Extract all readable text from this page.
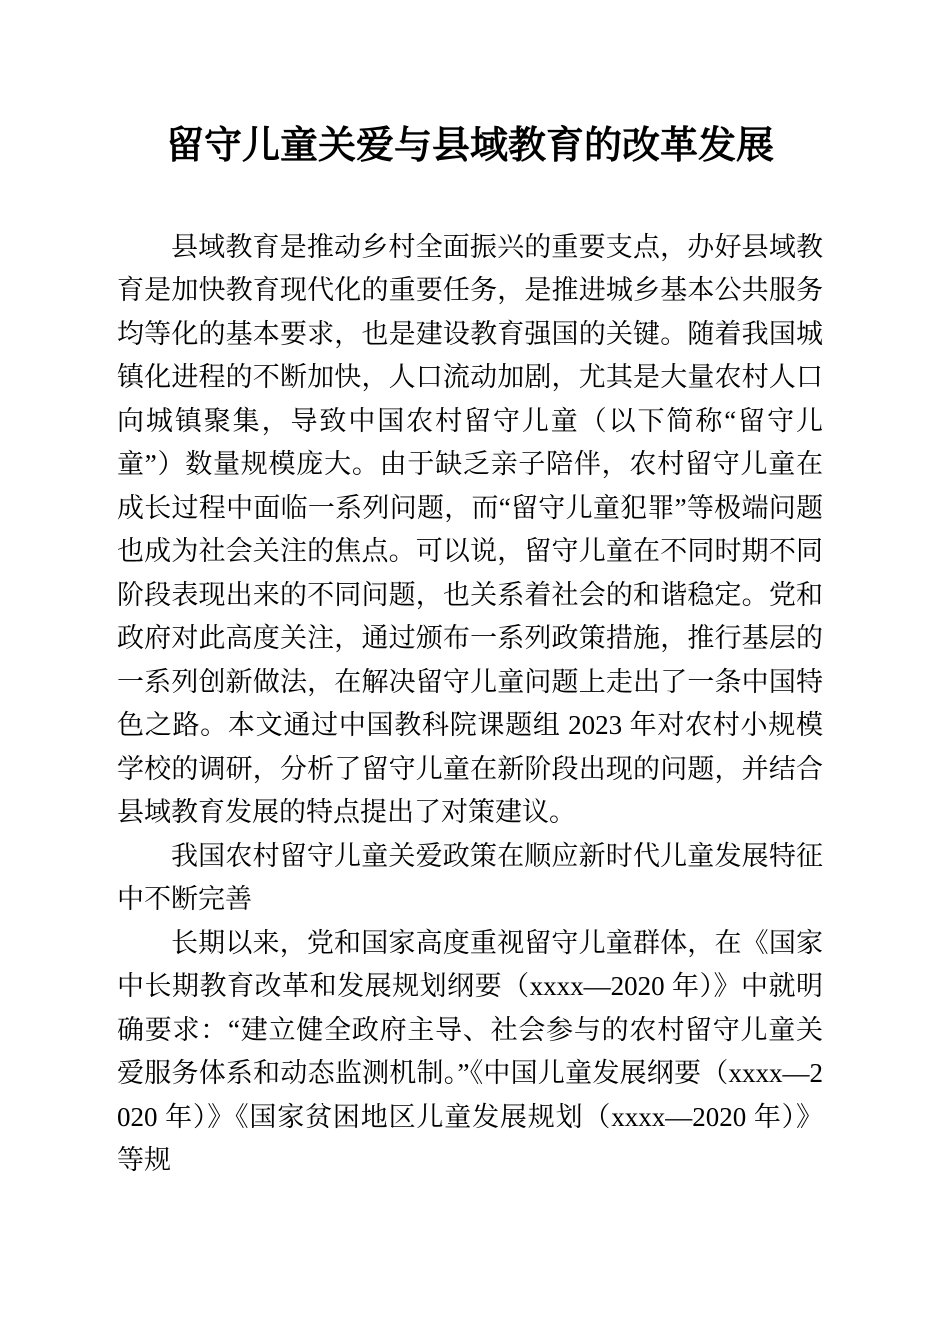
留守儿童关爱与县域教育的改革发展

县域教育是推动乡村全面振兴的重要支点，办好县域教育是加快教育现代化的重要任务，是推进城乡基本公共服务均等化的基本要求，也是建设教育强国的关键。随着我国城镇化进程的不断加快，人口流动加剧，尤其是大量农村人口向城镇聚集，导致中国农村留守儿童（以下简称“留守儿童”）数量规模庞大。由于缺乏亲子陪伴，农村留守儿童在成长过程中面临一系列问题，而“留守儿童犯罪”等极端问题也成为社会关注的焦点。可以说，留守儿童在不同时期不同阶段表现出来的不同问题，也关系着社会的和谐稳定。党和政府对此高度关注，通过颁布一系列政策措施，推行基层的一系列创新做法，在解决留守儿童问题上走出了一条中国特色之路。本文通过中国教科院课题组 2023 年对农村小规模学校的调研，分析了留守儿童在新阶段出现的问题，并结合县域教育发展的特点提出了对策建议。

我国农村留守儿童关爱政策在顺应新时代儿童发展特征中不断完善

长期以来，党和国家高度重视留守儿童群体，在《国家中长期教育改革和发展规划纲要（xxxx—2020 年）》中就明确要求：“建立健全政府主导、社会参与的农村留守儿童关爱服务体系和动态监测机制。”《中国儿童发展纲要（xxxx—2020 年）》《国家贫困地区儿童发展规划（xxxx—2020 年）》等规
